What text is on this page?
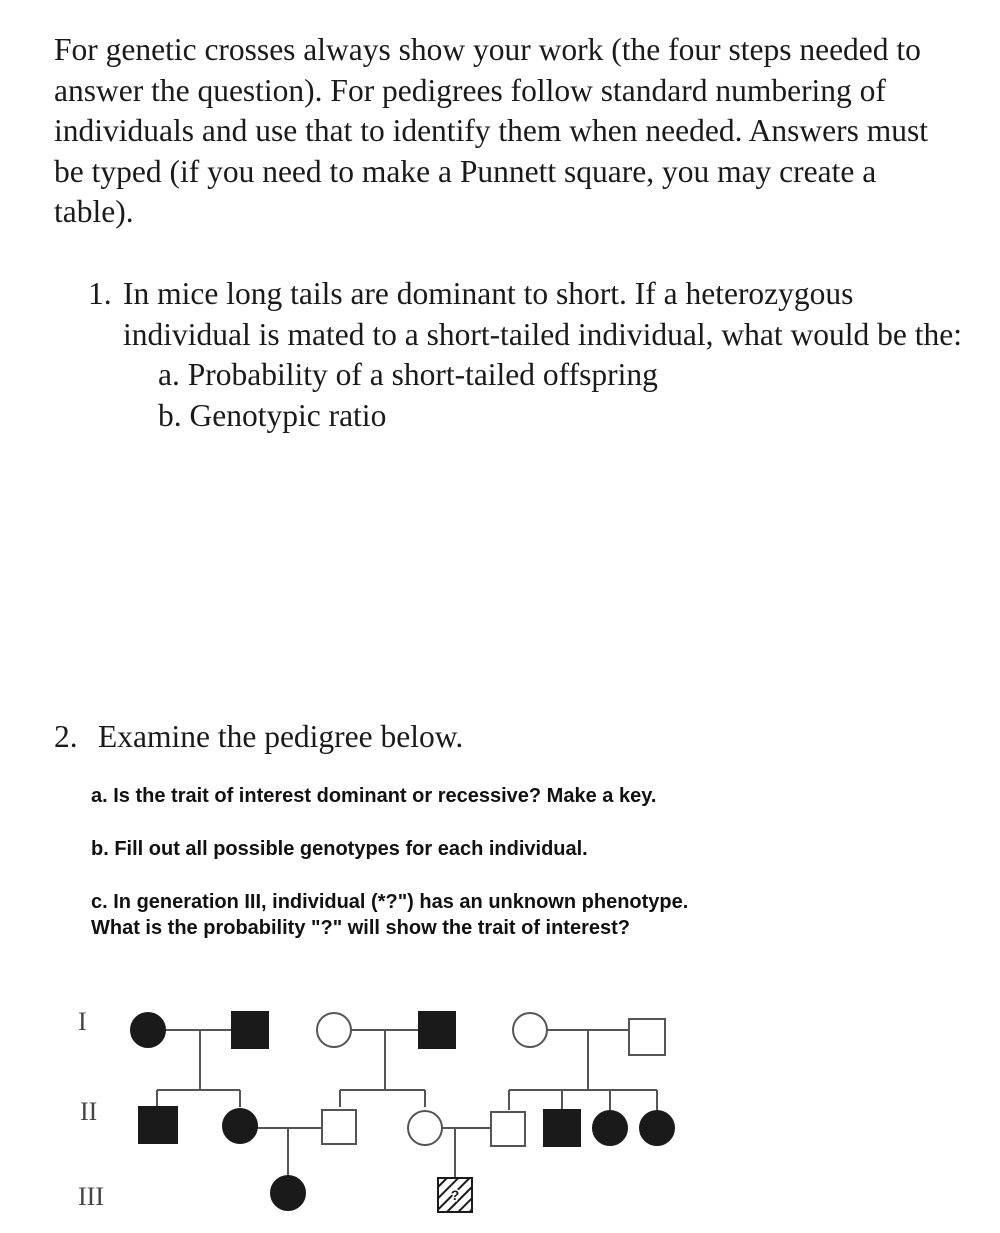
For genetic crosses always show your work (the four steps needed to answer the question). For pedigrees follow standard numbering of individuals and use that to identify them when needed. Answers must be typed (if you need to make a Punnett square, you may create a table).

1. In mice long tails are dominant to short. If a heterozygous individual is mated to a short-tailed individual, what would be the:
a. Probability of a short-tailed offspring
b. Genotypic ratio
2. Examine the pedigree below.
a. Is the trait of interest dominant or recessive? Make a key.
b. Fill out all possible genotypes for each individual.
c. In generation III, individual (*?") has an unknown phenotype.
What is the probability "?" will show the trait of interest?
I
II
III	?
